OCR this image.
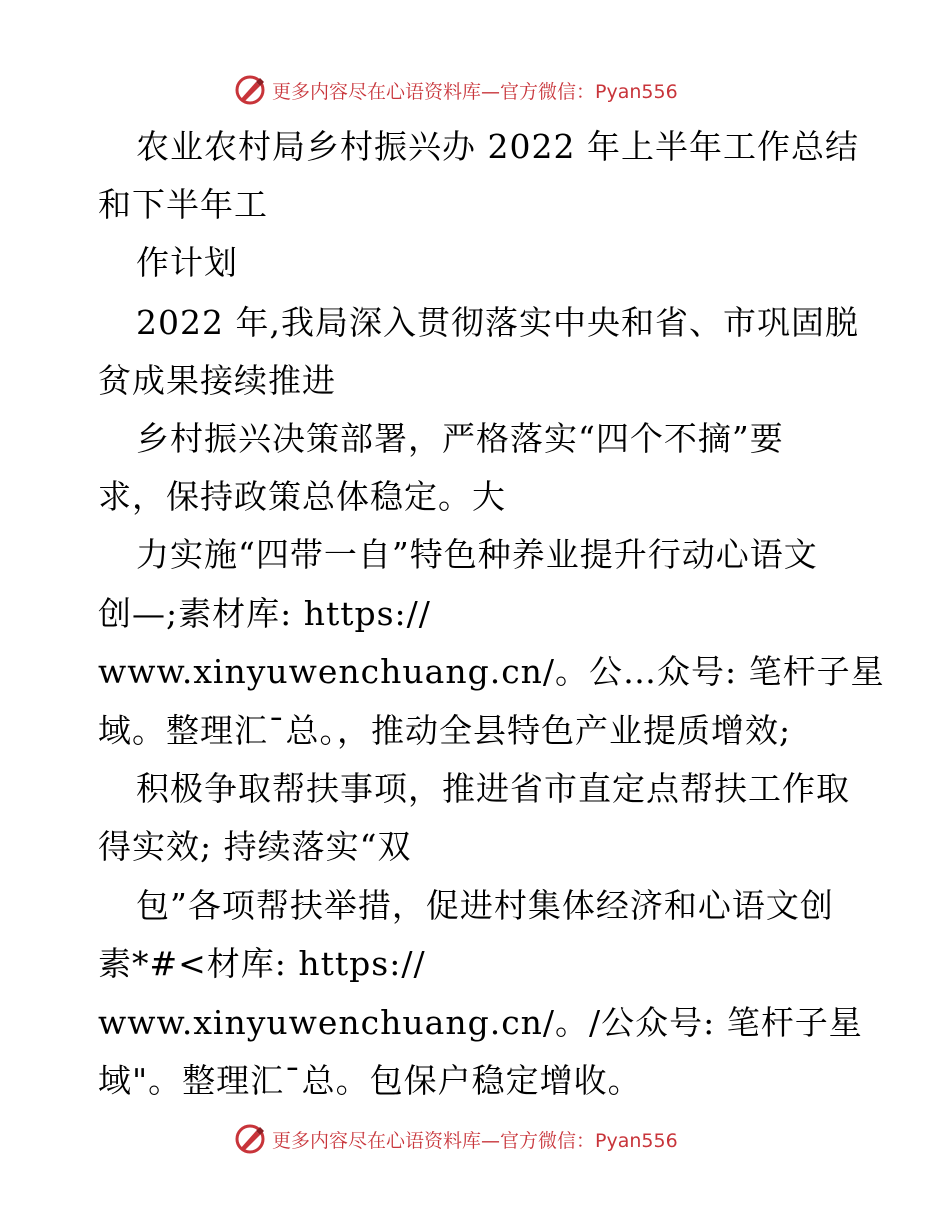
更多内容尽在心语资料库—官方微信：Pyan556
农业农村局乡村振兴办 2022 年上半年工作总结
和下半年工
作计划
2022 年,我局深入贯彻落实中央和省、市巩固脱
贫成果接续推进
乡村振兴决策部署，严格落实“四个不摘”要
求，保持政策总体稳定。大
力实施“四带一自”特色种养业提升行动心语文
创—;素材库: https://
www.xinyuwenchuang.cn/。公…众号: 笔杆子星
域。整理汇¯总。，推动全县特色产业提质增效;
积极争取帮扶事项，推进省市直定点帮扶工作取
得实效; 持续落实“双
包”各项帮扶举措，促进村集体经济和心语文创
素*#<材库: https://
www.xinyuwenchuang.cn/。/公众号: 笔杆子星
域"。整理汇¯总。包保户稳定增收。
更多内容尽在心语资料库—官方微信：Pyan556
